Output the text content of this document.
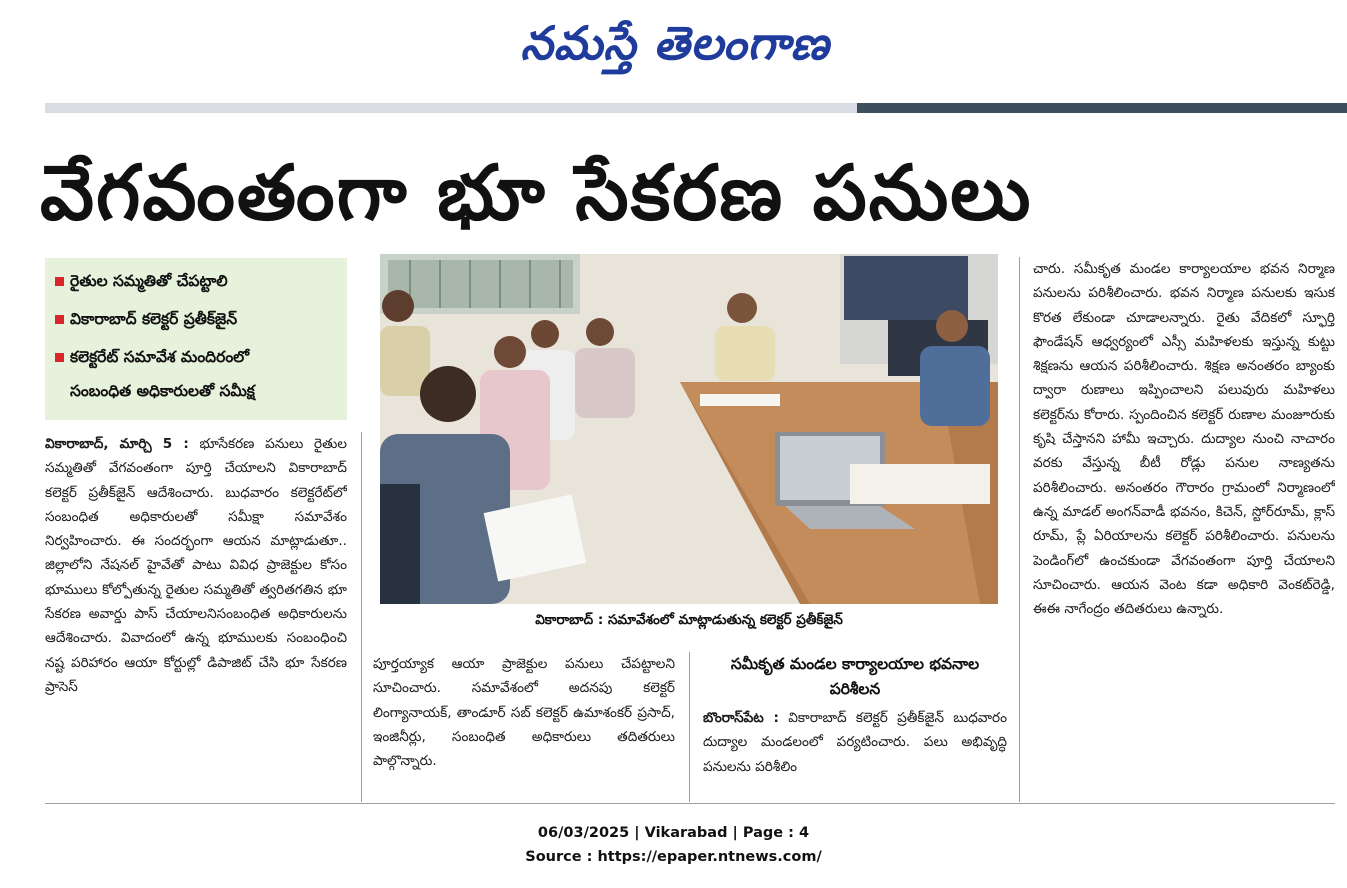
నమస్తే తెలంగాణ
వేగవంతంగా భూ సేకరణ పనులు
రైతుల సమ్మతితో చేపట్టాలి
వికారాబాద్ కలెక్టర్ ప్రతీక్‌జైన్
కలెక్టరేట్ సమావేశ మందిరంలో
సంబంధిత అధికారులతో సమీక్ష
వికారాబాద్ : సమావేశంలో మాట్లాడుతున్న కలెక్టర్ ప్రతీక్‌జైన్

వికారాబాద్, మార్చి 5 : భూసేకరణ పనులు రైతుల సమ్మతితో వేగవంతంగా పూర్తి చేయాలని వికారాబాద్ కలెక్టర్ ప్రతీక్‌జైన్ ఆదేశించారు. బుధవారం కలెక్టరేట్‌లో సంబంధిత అధికారులతో సమీక్షా సమావేశం నిర్వహించారు. ఈ సందర్భంగా ఆయన మాట్లాడుతూ.. జిల్లాలోని నేషనల్ హైవేతో పాటు వివిధ ప్రాజెక్టుల కోసం భూములు కోల్పోతున్న రైతుల సమ్మతితో త్వరితగతిన భూ సేకరణ అవార్డు పాస్ చేయాలనిసంబంధిత అధికారులను ఆదేశించారు. వివాదంలో ఉన్న భూములకు సంబంధించి నష్ట పరిహారం ఆయా కోర్టుల్లో డిపాజిట్ చేసి భూ సేకరణ ప్రాసెస్

పూర్తయ్యాక ఆయా ప్రాజెక్టుల పనులు చేపట్టాలని సూచించారు. సమావేశంలో అదనపు కలెక్టర్ లింగ్యానాయక్, తాండూర్ సబ్ కలెక్టర్ ఉమాశంకర్ ప్రసాద్, ఇంజినీర్లు, సంబంధిత అధికారులు తదితరులు పాల్గొన్నారు.

సమీకృత మండల కార్యాలయాల భవనాల పరిశీలన

బొంరాస్‌పేట : వికారాబాద్ కలెక్టర్ ప్రతీక్‌జైన్ బుధవారం దుద్యాల మండలంలో పర్యటించారు. పలు అభివృద్ధి పనులను పరిశీలిం

చారు. సమీకృత మండల కార్యాలయాల భవన నిర్మాణ పనులను పరిశీలించారు. భవన నిర్మాణ పనులకు ఇసుక కొరత లేకుండా చూడాలన్నారు. రైతు వేదికలో స్ఫూర్తి ఫౌండేషన్ ఆధ్వర్యంలో ఎస్సీ మహిళలకు ఇస్తున్న కుట్టు శిక్షణను ఆయన పరిశీలించారు. శిక్షణ అనంతరం బ్యాంకు ద్వారా రుణాలు ఇప్పించాలని పలువురు మహిళలు కలెక్టర్‌ను కోరారు. స్పందించిన కలెక్టర్ రుణాల మంజూరుకు కృషి చేస్తానని హామీ ఇచ్చారు. దుద్యాల నుంచి నాచారం వరకు వేస్తున్న బీటీ రోడ్లు పనుల నాణ్యతను పరిశీలించారు. అనంతరం గౌరారం గ్రామంలో నిర్మాణంలో ఉన్న మాడల్ అంగన్‌వాడీ భవనం, కిచెన్, స్టోర్‌రూమ్, క్లాస్ రూమ్, ప్లే ఏరియాలను కలెక్టర్ పరిశీలించారు. పనులను పెండింగ్‌లో ఉంచకుండా వేగవంతంగా పూర్తి చేయాలని సూచించారు. ఆయన వెంట కడా అధికారి వెంకట్‌రెడ్డి, ఈఈ నాగేంద్రం తదితరులు ఉన్నారు.

06/03/2025 | Vikarabad | Page : 4
Source : https://epaper.ntnews.com/
